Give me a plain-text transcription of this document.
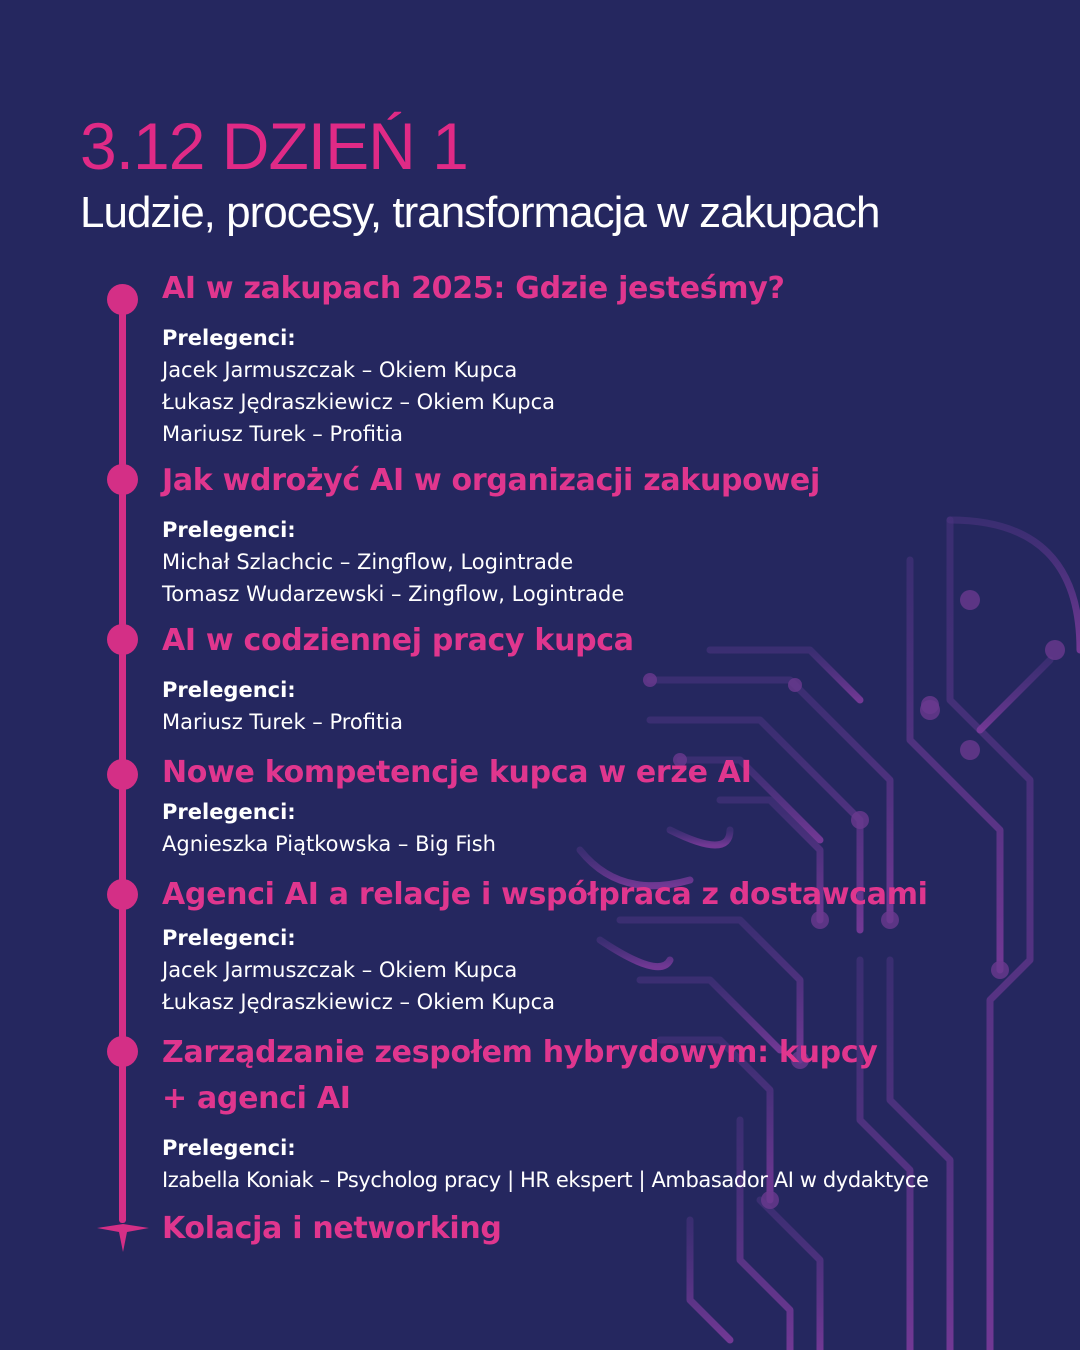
3.12 DZIEŃ 1
Ludzie, procesy, transformacja w zakupach
AI w zakupach 2025: Gdzie jesteśmy?
Prelegenci:
Jacek Jarmuszczak – Okiem Kupca
Łukasz Jędraszkiewicz – Okiem Kupca
Mariusz Turek – Profitia
Jak wdrożyć AI w organizacji zakupowej
Prelegenci:
Michał Szlachcic – Zingflow, Logintrade
Tomasz Wudarzewski – Zingflow, Logintrade
AI w codziennej pracy kupca
Prelegenci:
Mariusz Turek – Profitia
Nowe kompetencje kupca w erze AI
Prelegenci:
Agnieszka Piątkowska – Big Fish
Agenci AI a relacje i współpraca z dostawcami
Prelegenci:
Jacek Jarmuszczak – Okiem Kupca
Łukasz Jędraszkiewicz – Okiem Kupca
Zarządzanie zespołem hybrydowym: kupcy
+ agenci AI
Prelegenci:
Izabella Koniak – Psycholog pracy | HR ekspert | Ambasador AI w dydaktyce
Kolacja i networking
